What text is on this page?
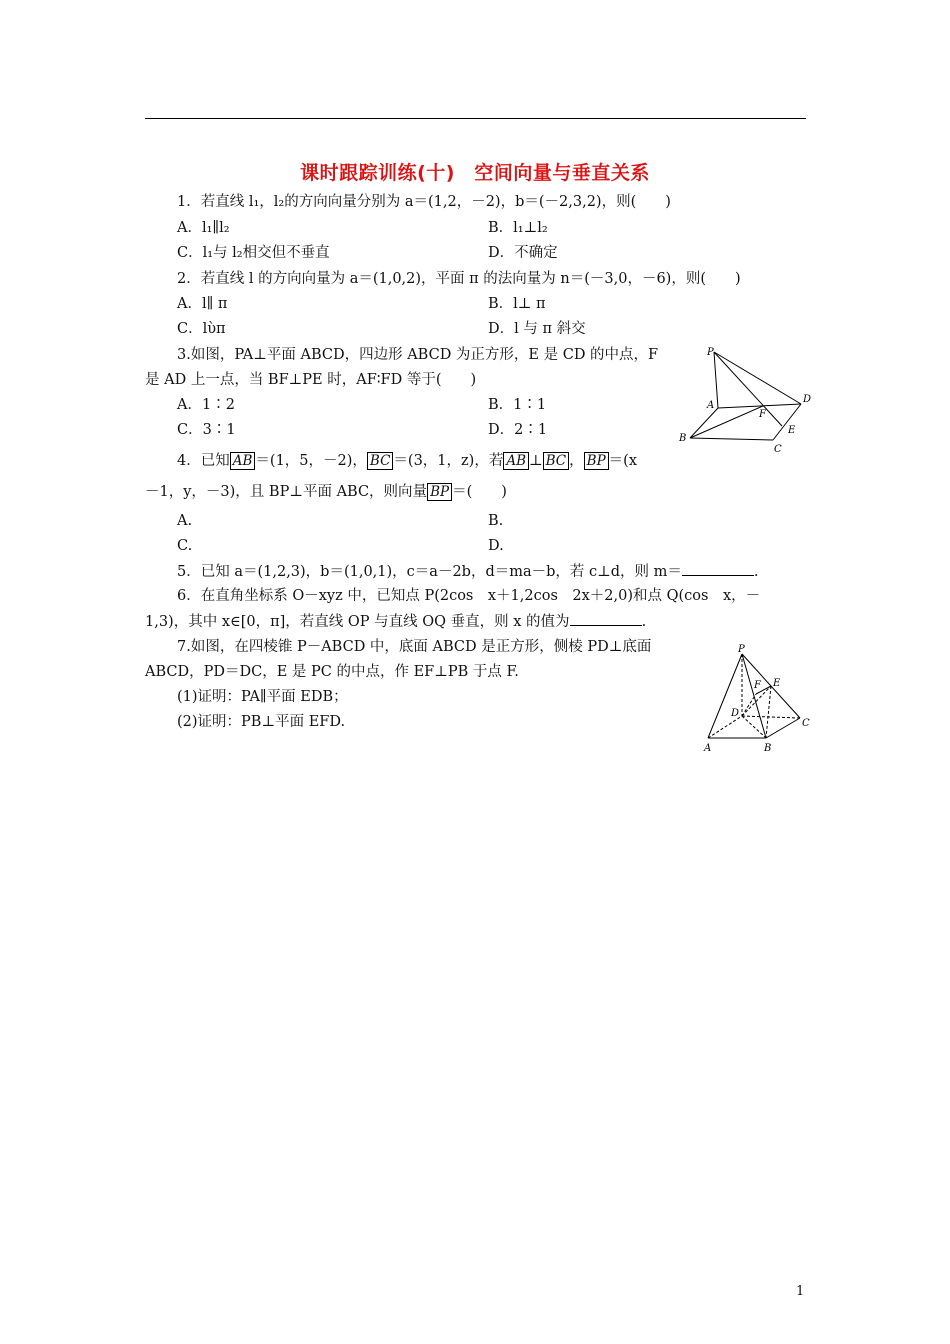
课时跟踪训练(十)　空间向量与垂直关系
1．若直线 l₁，l₂的方向向量分别为 a＝(1,2，－2)，b＝(－2,3,2)，则(　　)
A．l₁∥l₂	B．l₁⊥l₂
C．l₁与 l₂相交但不垂直	D．不确定
2．若直线 l 的方向向量为 a＝(1,0,2)，平面 π 的法向量为 n＝(－3,0，－6)，则(　　)
A．l∥ π	B．l⊥ π
C．lὺπ	D．l 与 π 斜交
3.如图，PA⊥平面 ABCD，四边形 ABCD 为正方形，E 是 CD 的中点，F
是 AD 上一点，当 BF⊥PE 时，AF∶FD 等于(　　)
A．1∶2	B．1∶1
C．3∶1	D．2∶1
P
A
F
D
E
B
C
4．已知 AB ＝(1，5，－2)， BC ＝(3，1，z)，若 AB ⊥ BC ， BP ＝(x
－1，y，－3)，且 BP⊥平面 ABC，则向量 BP ＝(　　)
A.	B.
C.	D.
5．已知 a＝(1,2,3)，b＝(1,0,1)，c＝a－2b，d＝ma－b，若 c⊥d，则 m＝	.
6．在直角坐标系 O－xyz 中，已知点 P(2cos　x＋1,2cos　2x＋2,0)和点 Q(cos　x，－
1,3)，其中 x∈[0，π]，若直线 OP 与直线 OQ 垂直，则 x 的值为	.
7.如图，在四棱锥 P－ABCD 中，底面 ABCD 是正方形，侧棱 PD⊥底面
ABCD，PD＝DC，E 是 PC 的中点，作 EF⊥PB 于点 F.
(1)证明：PA∥平面 EDB；
(2)证明：PB⊥平面 EFD.
P
F E
D
C
A	B
1
